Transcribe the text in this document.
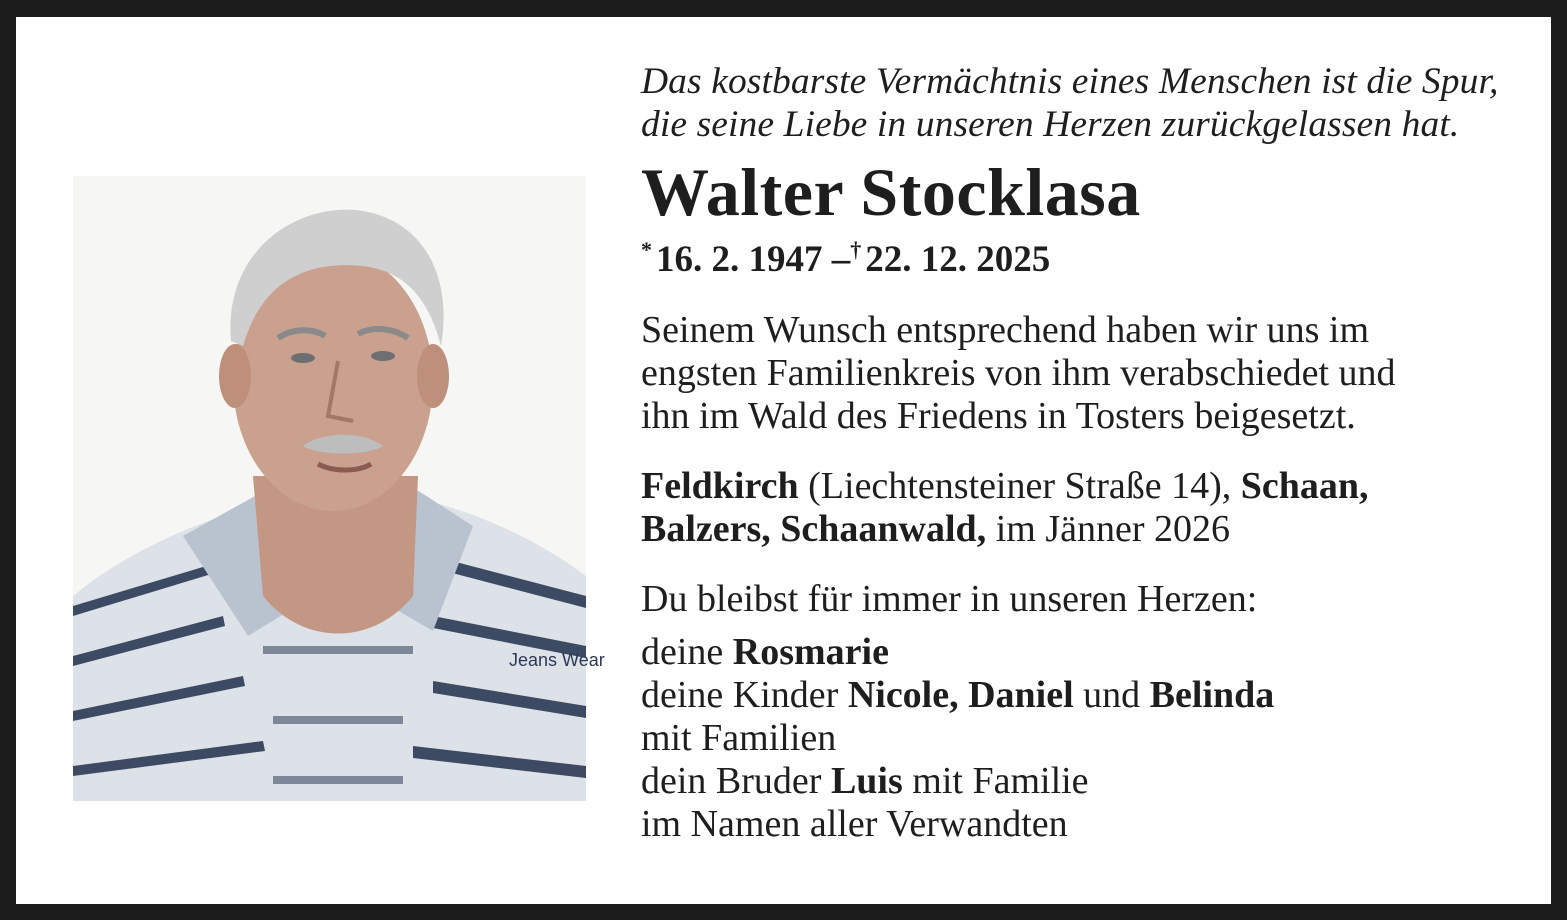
Jeans Wear

Das kostbarste Vermächtnis eines Menschen ist die Spur,
die seine Liebe in unseren Herzen zurückgelassen hat.

Walter Stocklasa

* 16. 2. 1947 –† 22. 12. 2025

Seinem Wunsch entsprechend haben wir uns im
engsten Familienkreis von ihm verabschiedet und
ihn im Wald des Friedens in Tosters beigesetzt.

Feldkirch (Liechtensteiner Straße 14), Schaan,
Balzers, Schaanwald, im Jänner 2026

Du bleibst für immer in unseren Herzen:

deine Rosmarie
deine Kinder Nicole, Daniel und Belinda
mit Familien
dein Bruder Luis mit Familie
im Namen aller Verwandten
